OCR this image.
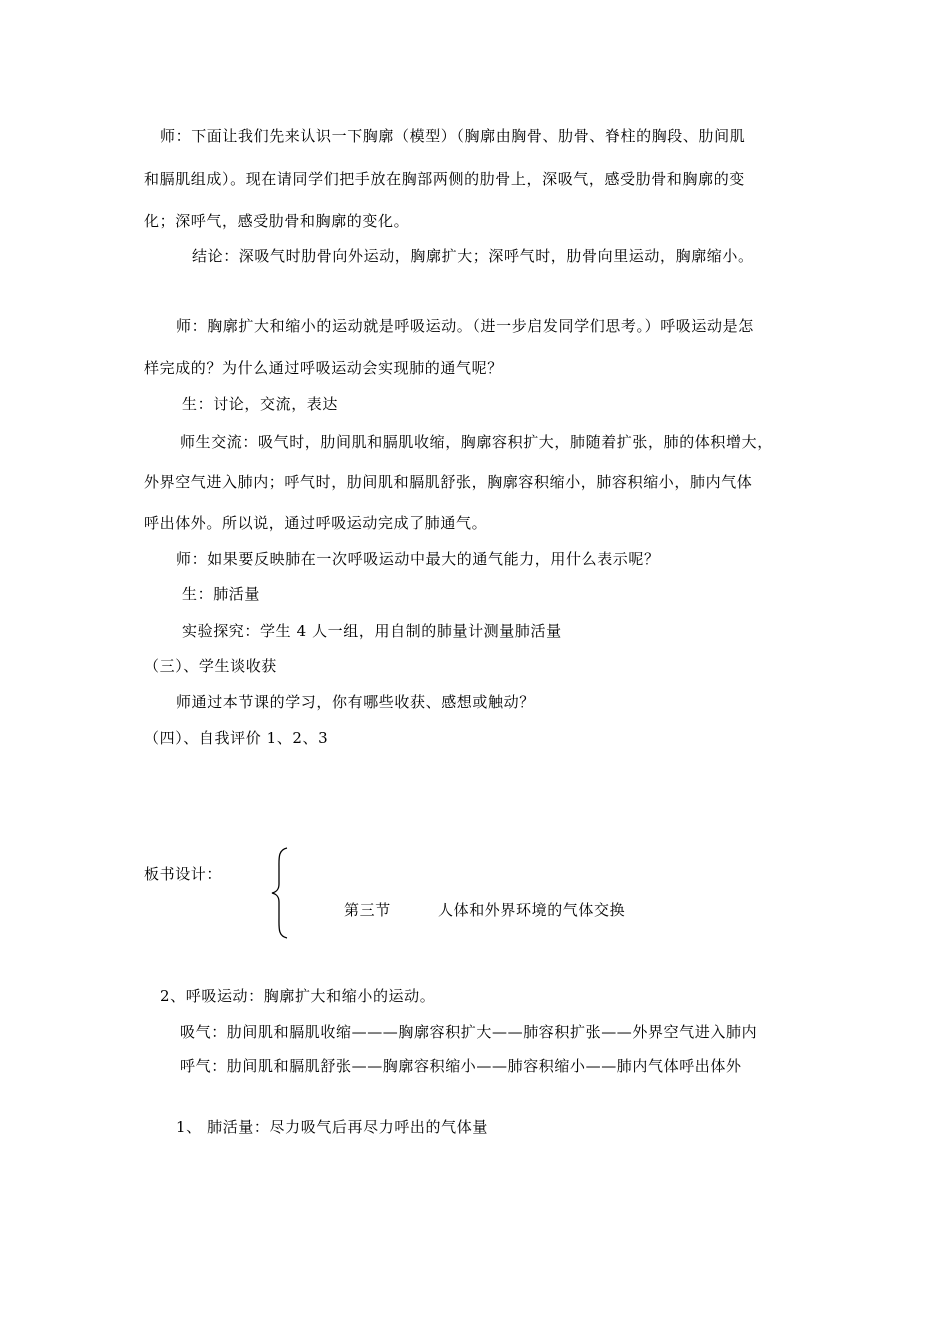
师：下面让我们先来认识一下胸廓（模型）（胸廓由胸骨、肋骨、脊柱的胸段、肋间肌
和膈肌组成）。现在请同学们把手放在胸部两侧的肋骨上，深吸气，感受肋骨和胸廓的变
化；深呼气，感受肋骨和胸廓的变化。
结论：深吸气时肋骨向外运动，胸廓扩大；深呼气时，肋骨向里运动，胸廓缩小。
师：胸廓扩大和缩小的运动就是呼吸运动。（进一步启发同学们思考。）呼吸运动是怎
样完成的？为什么通过呼吸运动会实现肺的通气呢？
生：讨论，交流，表达
师生交流：吸气时，肋间肌和膈肌收缩，胸廓容积扩大，肺随着扩张，肺的体积增大，
外界空气进入肺内；呼气时，肋间肌和膈肌舒张，胸廓容积缩小，肺容积缩小，肺内气体
呼出体外。所以说，通过呼吸运动完成了肺通气。
师：如果要反映肺在一次呼吸运动中最大的通气能力，用什么表示呢？
生：肺活量
实验探究：学生 4 人一组，用自制的肺量计测量肺活量
（三）、学生谈收获
师通过本节课的学习，你有哪些收获、感想或触动？
（四）、自我评价 1、2、3
板书设计：
第三节	人体和外界环境的气体交换
2、呼吸运动：胸廓扩大和缩小的运动。
吸气：肋间肌和膈肌收缩———胸廓容积扩大——肺容积扩张——外界空气进入肺内
呼气：肋间肌和膈肌舒张——胸廓容积缩小——肺容积缩小——肺内气体呼出体外
1、 肺活量：尽力吸气后再尽力呼出的气体量
